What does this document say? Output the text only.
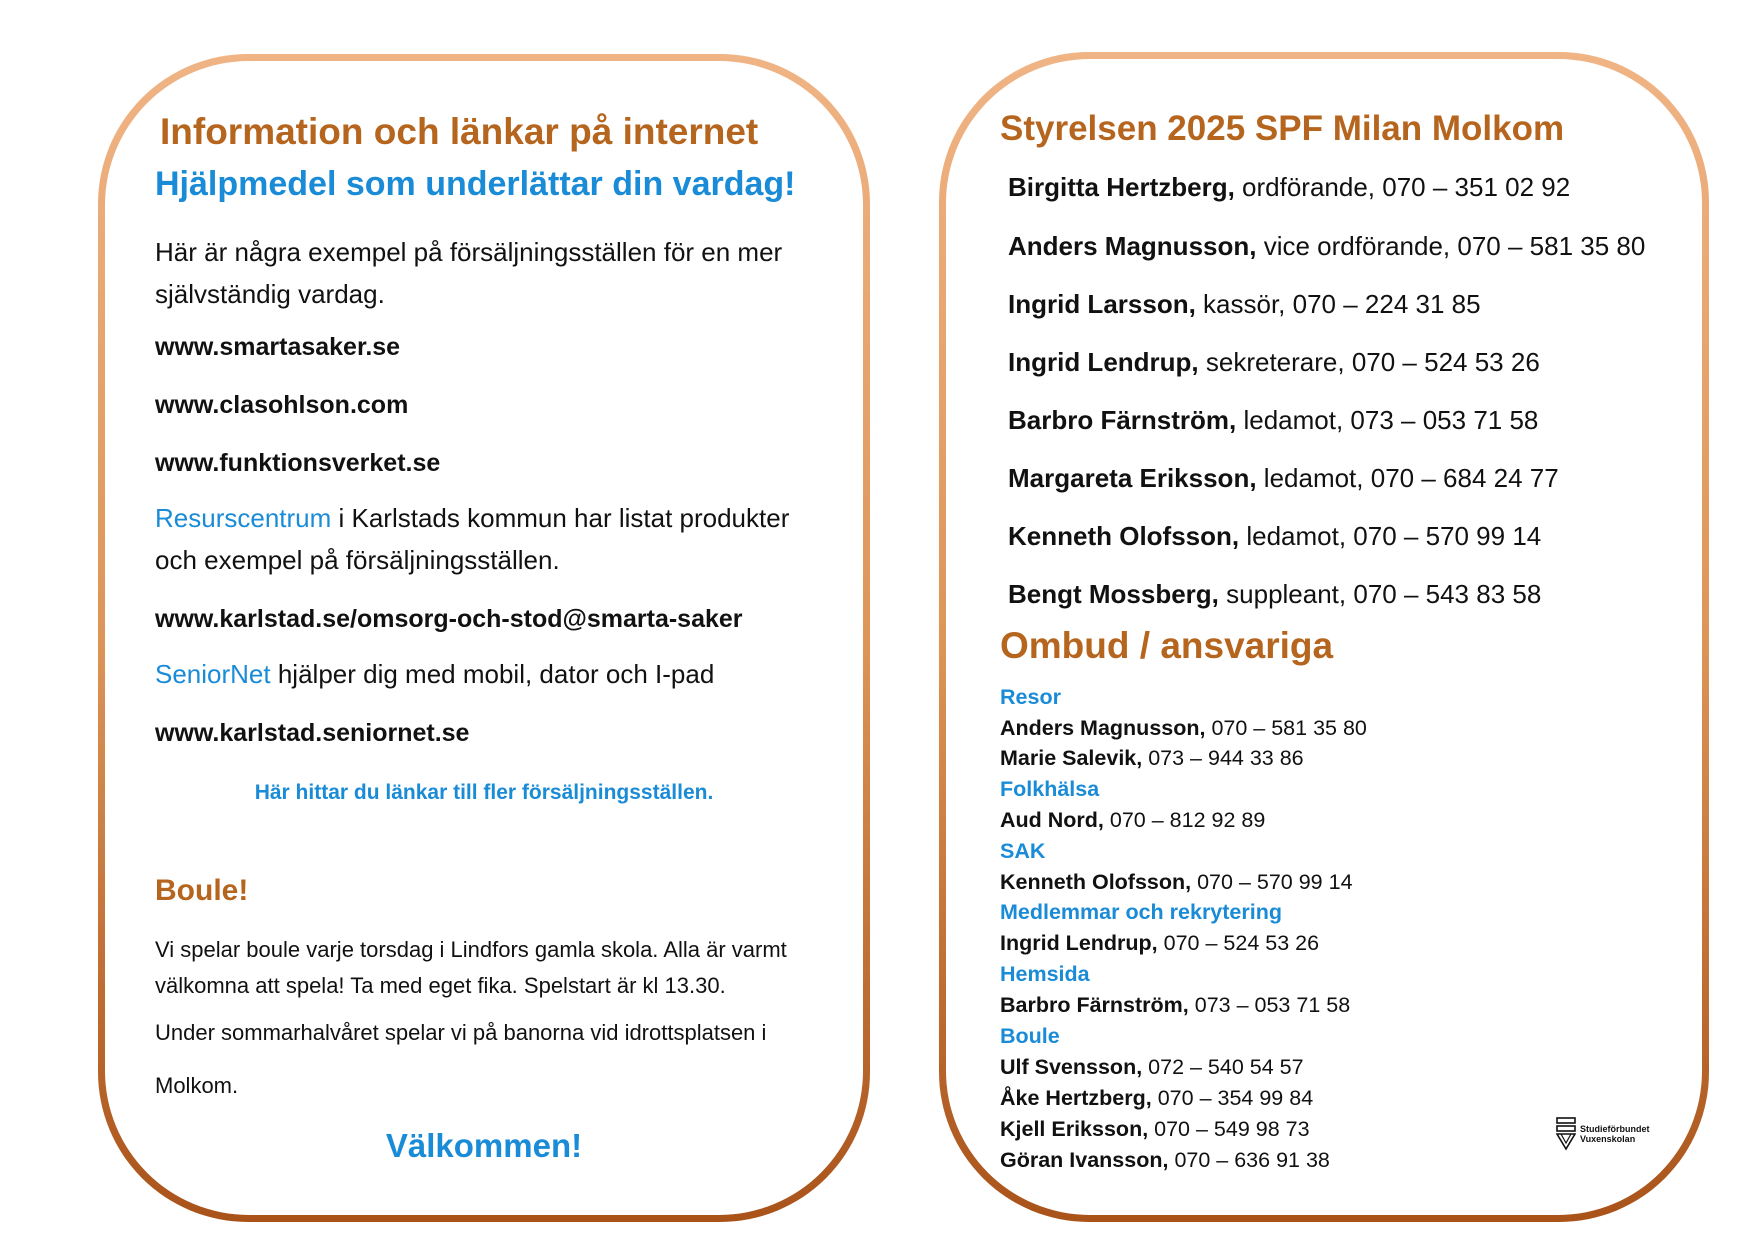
Information och länkar på internet
Hjälpmedel som underlättar din vardag!
Här är några exempel på försäljningsställen för en mer självständig vardag.
www.smartasaker.se
www.clasohlson.com
www.funktionsverket.se
Resurscentrum i Karlstads kommun har listat produkter och exempel på försäljningsställen.
www.karlstad.se/omsorg-och-stod@smarta-saker
SeniorNet hjälper dig med mobil, dator och I-pad
www.karlstad.seniornet.se
Här hittar du länkar till fler försäljningsställen.
Boule!
Vi spelar boule varje torsdag i Lindfors gamla skola. Alla är varmt välkomna att spela! Ta med eget fika. Spelstart är kl 13.30.
Under sommarhalvåret spelar vi på banorna vid idrottsplatsen i Molkom.
Välkommen!
Styrelsen 2025 SPF Milan Molkom
Birgitta Hertzberg, ordförande, 070 – 351 02 92
Anders Magnusson, vice ordförande, 070 – 581 35 80
Ingrid Larsson, kassör, 070 – 224 31 85
Ingrid Lendrup, sekreterare, 070 – 524 53 26
Barbro Färnström, ledamot, 073 – 053 71 58
Margareta Eriksson, ledamot, 070 – 684 24 77
Kenneth Olofsson, ledamot, 070 – 570 99 14
Bengt Mossberg, suppleant, 070 – 543 83 58
Ombud / ansvariga
Resor
Anders Magnusson, 070 – 581 35 80
Marie Salevik, 073 – 944 33 86
Folkhälsa
Aud Nord, 070 – 812 92 89
SAK
Kenneth Olofsson, 070 – 570 99 14
Medlemmar och rekrytering
Ingrid Lendrup, 070 – 524 53 26
Hemsida
Barbro Färnström, 073 – 053 71 58
Boule
Ulf Svensson, 072 – 540 54 57
Åke Hertzberg, 070 – 354 99 84
Kjell Eriksson, 070 – 549 98 73
Göran Ivansson, 070 – 636 91 38
Studieförbundet
Vuxenskolan
